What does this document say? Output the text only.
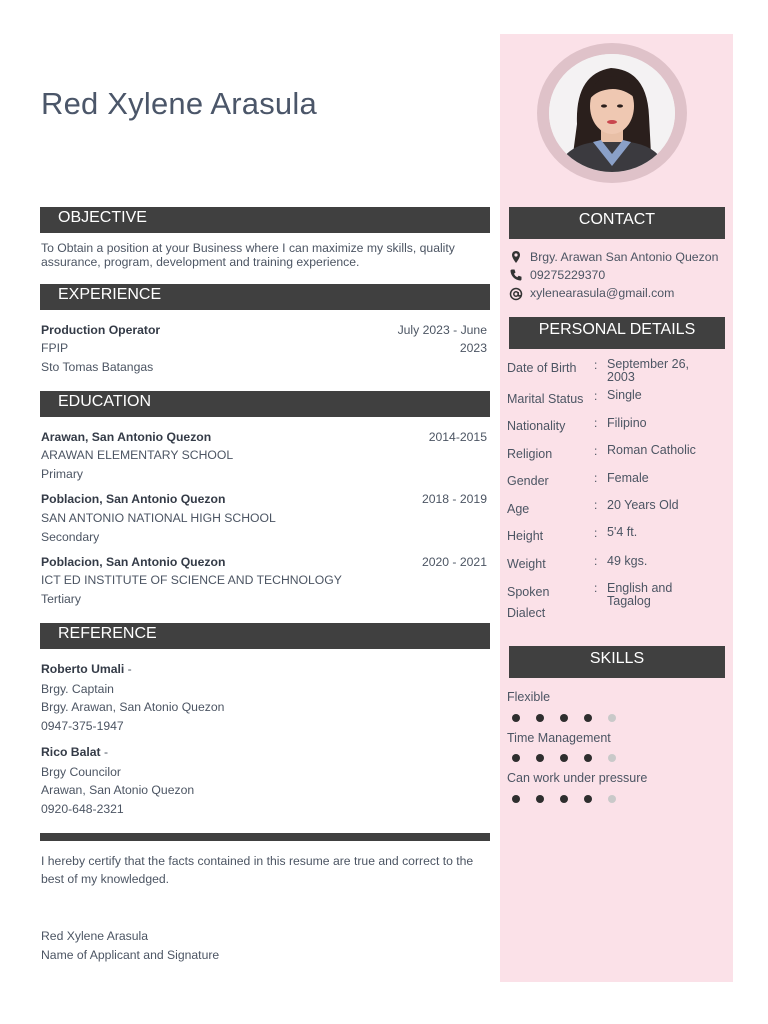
Red Xylene Arasula
OBJECTIVE
To Obtain a position at your Business where I can maximize my skills, quality
assurance, program, development and training experience.
EXPERIENCE
Production Operator	July 2023 - June
2023
FPIP
Sto Tomas Batangas
EDUCATION
Arawan, San Antonio Quezon	2014-2015
ARAWAN ELEMENTARY SCHOOL
Primary
Poblacion, San Antonio Quezon	2018 - 2019
SAN ANTONIO NATIONAL HIGH SCHOOL
Secondary
Poblacion, San Antonio Quezon	2020 - 2021
ICT ED INSTITUTE OF SCIENCE AND TECHNOLOGY
Tertiary
REFERENCE
Roberto Umali -
Brgy. Captain
Brgy. Arawan, San Atonio Quezon
0947-375-1947
Rico Balat -
Brgy Councilor
Arawan, San Atonio Quezon
0920-648-2321
I hereby certify that the facts contained in this resume are true and correct to the
best of my knowledged.
Red Xylene Arasula
Name of Applicant and Signature
CONTACT
Brgy. Arawan San Antonio Quezon
09275229370
xylenearasula@gmail.com
PERSONAL DETAILS
Date of Birth : September 26, 2003
Marital Status : Single
Nationality : Filipino
Religion	: Roman Catholic
Gender	: Female
Age	: 20 Years Old
Height	: 5'4 ft.
Weight	: 49 kgs.
Spoken Dialect
: English and Tagalog
SKILLS
Flexible
Time Management
Can work under pressure
